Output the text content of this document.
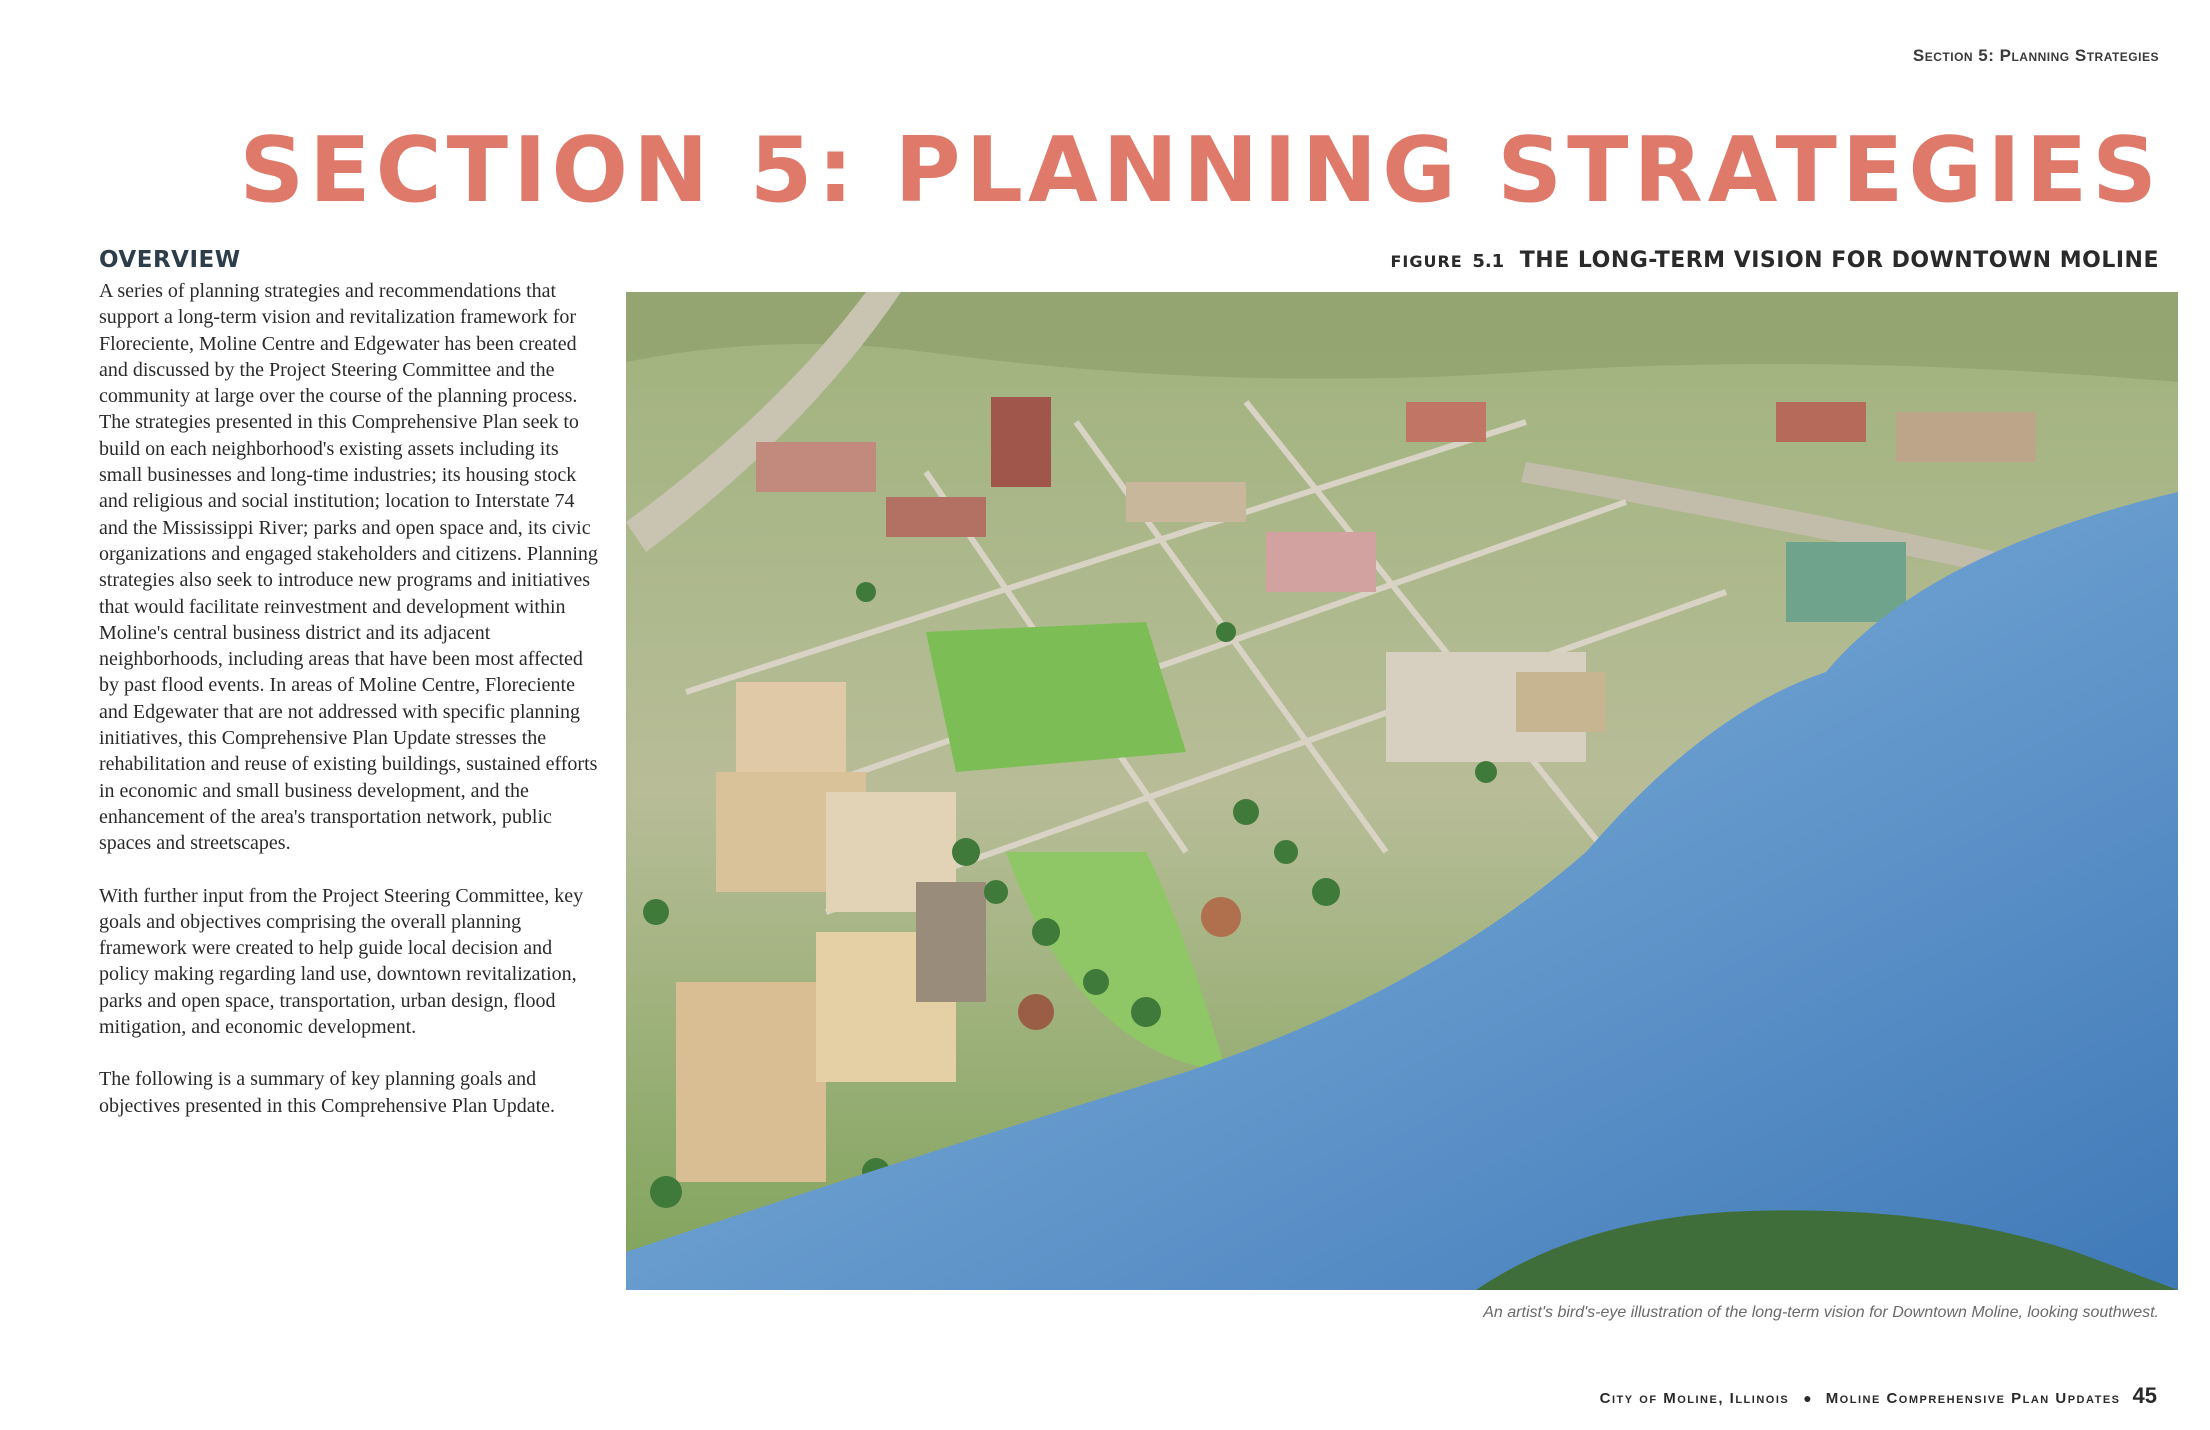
Section 5: Planning Strategies
SECTION 5: PLANNING STRATEGIES
OVERVIEW

A series of planning strategies and recommendations that support a long-term vision and revitalization framework for Floreciente, Moline Centre and Edgewater has been created and discussed by the Project Steering Committee and the community at large over the course of the planning process. The strategies presented in this Comprehensive Plan seek to build on each neighborhood's existing assets including its small businesses and long-time industries; its housing stock and religious and social institution; location to Interstate 74 and the Mississippi River; parks and open space and, its civic organizations and engaged stakeholders and citizens. Planning strategies also seek to introduce new programs and initiatives that would facilitate reinvestment and development within Moline's central business district and its adjacent neighborhoods, including areas that have been most affected by past flood events. In areas of Moline Centre, Floreciente and Edgewater that are not addressed with specific planning initiatives, this Comprehensive Plan Update stresses the rehabilitation and reuse of existing buildings, sustained efforts in economic and small business development, and the enhancement of the area's transportation network, public spaces and streetscapes.

With further input from the Project Steering Committee, key goals and objectives comprising the overall planning framework were created to help guide local decision and policy making regarding land use, downtown revitalization, parks and open space, transportation, urban design, flood mitigation, and economic development.

The following is a summary of key planning goals and objectives presented in this Comprehensive Plan Update.

FIGURE 5.1 THE LONG-TERM VISION FOR DOWNTOWN MOLINE
An artist's bird's-eye illustration of the long-term vision for Downtown Moline, looking southwest.
City of Moline, Illinois ● Moline Comprehensive Plan Updates 45
